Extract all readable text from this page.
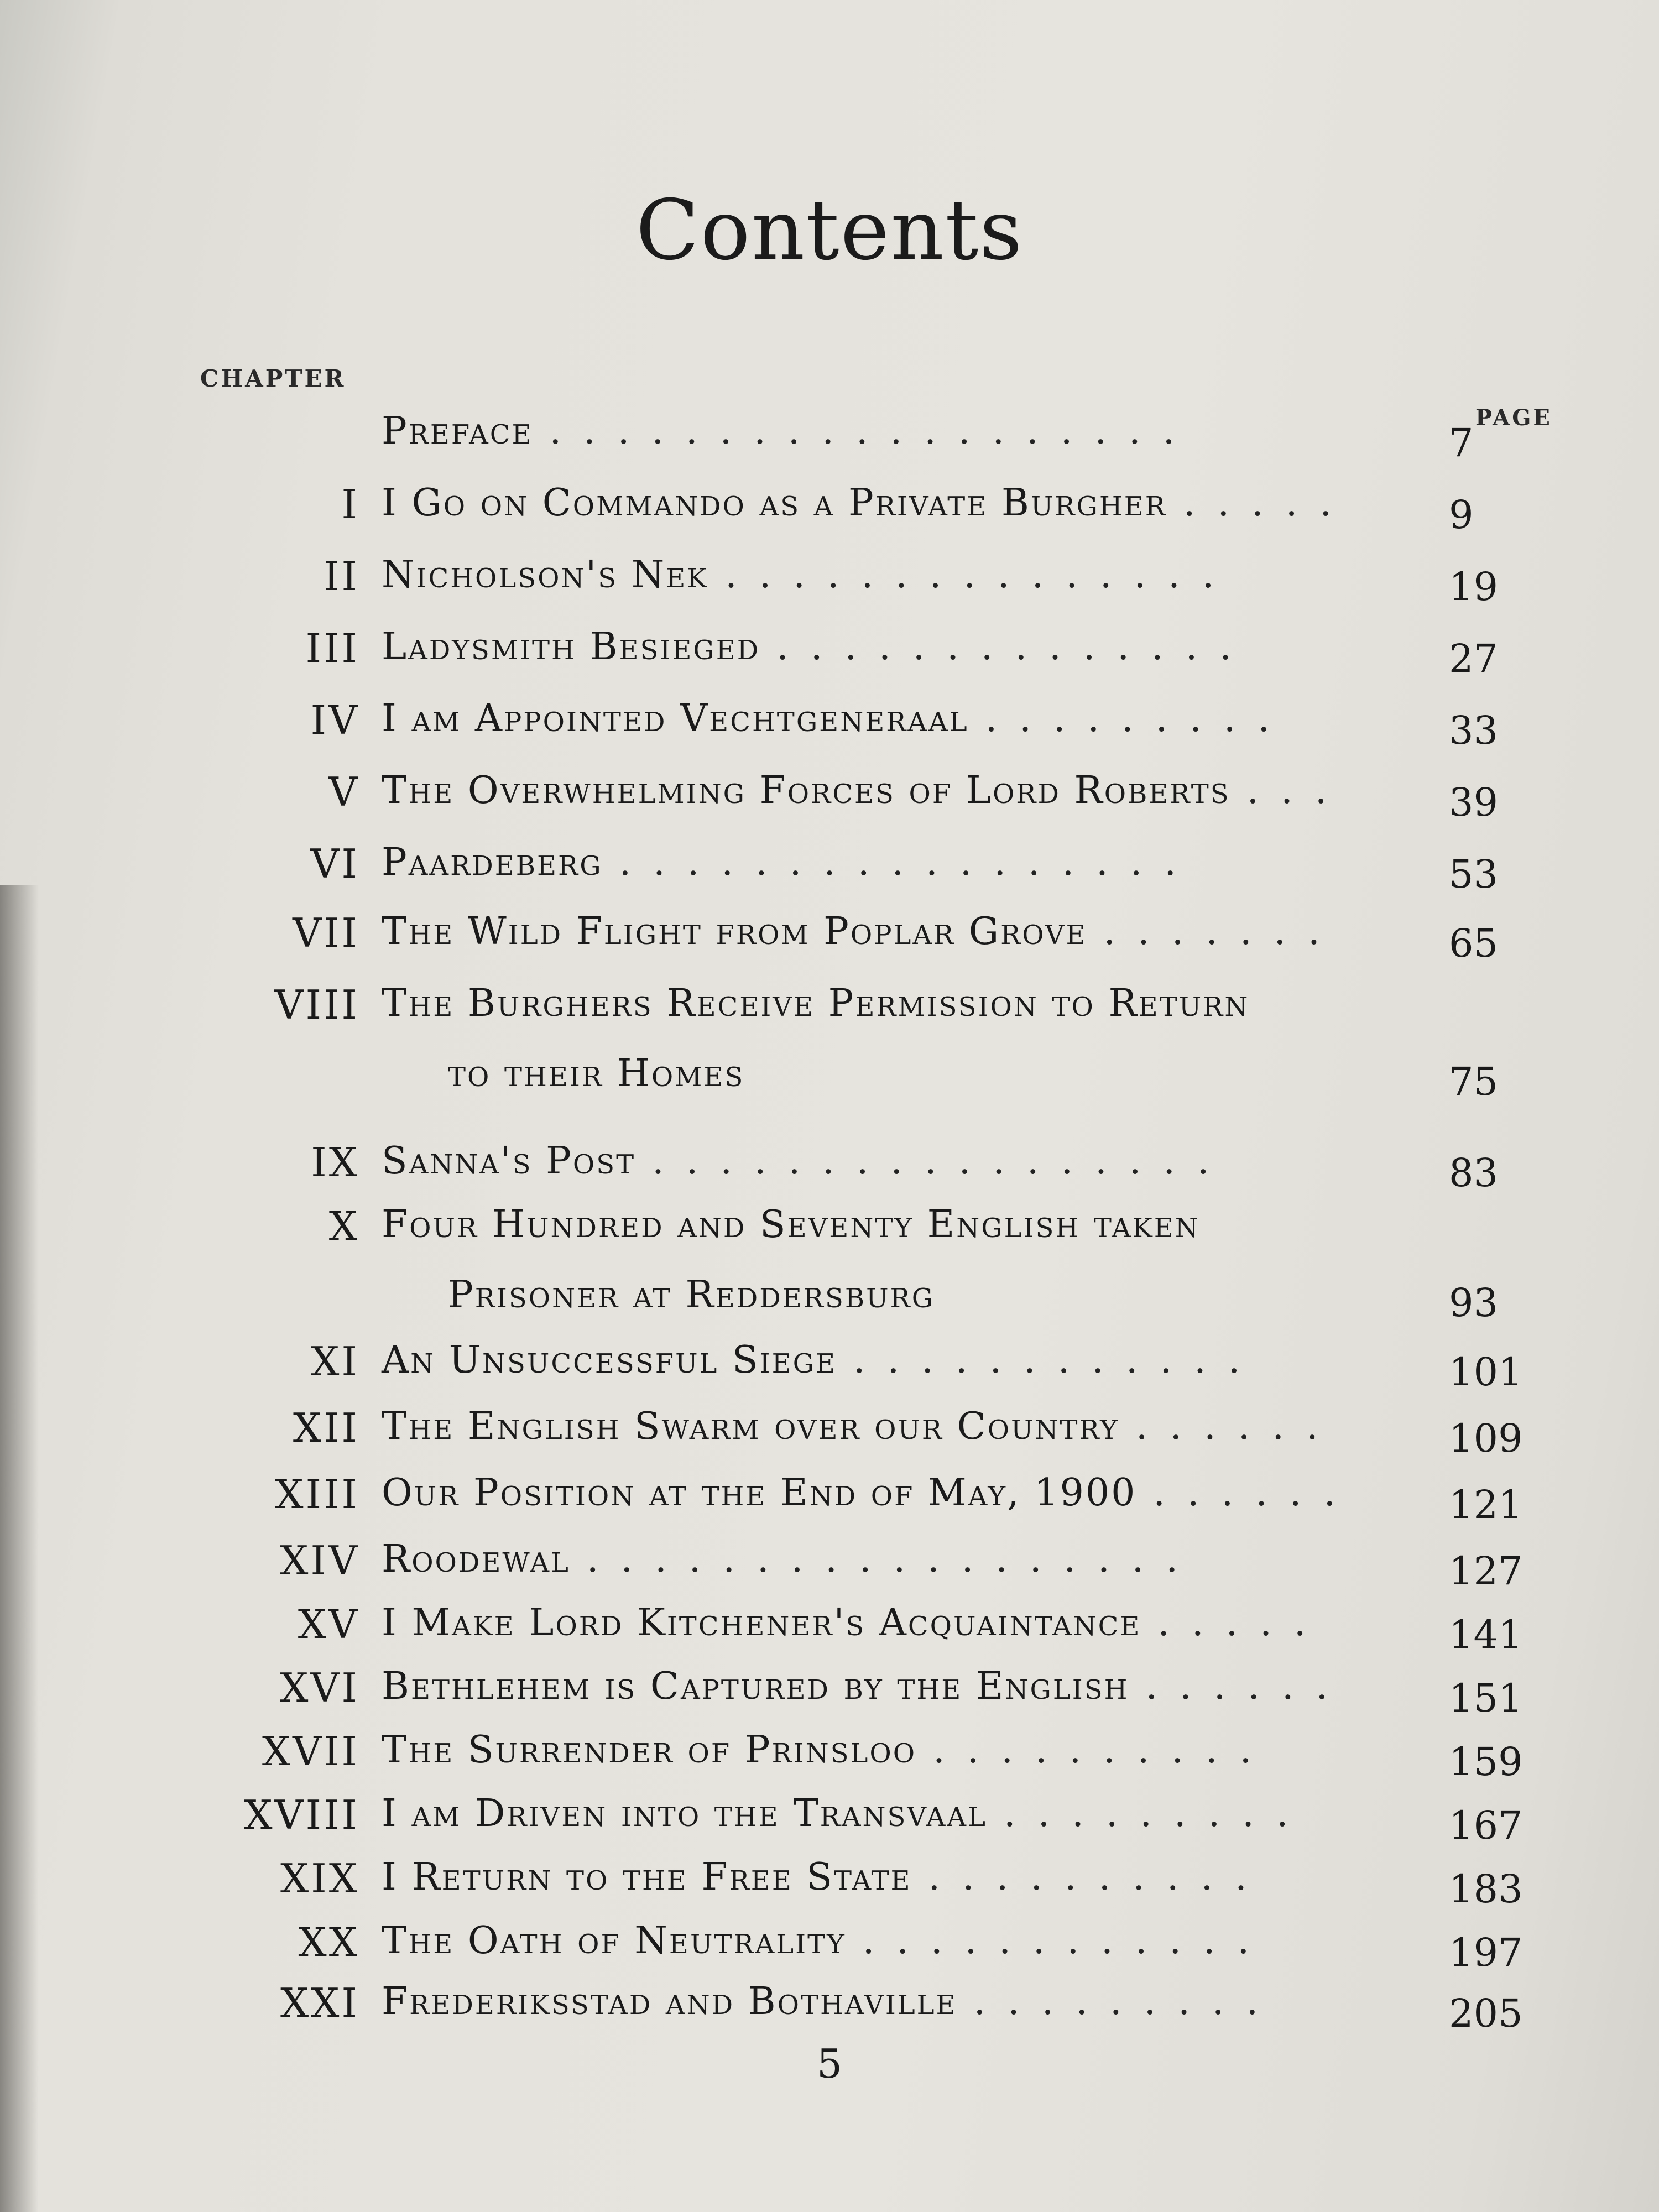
Contents
CHAPTER
PAGE
Preface ...................	7
I I Go on Commando as a Private Burgher ..... 9
II Nicholson's Nek ...............	19
III Ladysmith Besieged ..............	27
IV I am Appointed Vechtgeneraal .........	33
V The Overwhelming Forces of Lord Roberts ...	39
VI Paardeberg .................	53
VII The Wild Flight from Poplar Grove .......	65
VIII The Burghers Receive Permission to Return
to their Homes	75
IX Sanna's Post .................	83
X Four Hundred and Seventy English taken
Prisoner at Reddersburg	93
XI An Unsuccessful Siege ............	101
XII The English Swarm over our Country ......	109
XIII Our Position at the End of May, 1900 ...... 121
XIV Roodewal ..................	127
XV I Make Lord Kitchener's Acquaintance .....	141
XVI Bethlehem is Captured by the English ......	151
XVII The Surrender of Prinsloo ..........	159
XVIII I am Driven into the Transvaal .........	167
XIX I Return to the Free State ..........	183
XX The Oath of Neutrality ............	197
XXI Frederiksstad and Bothaville .........	205
5
